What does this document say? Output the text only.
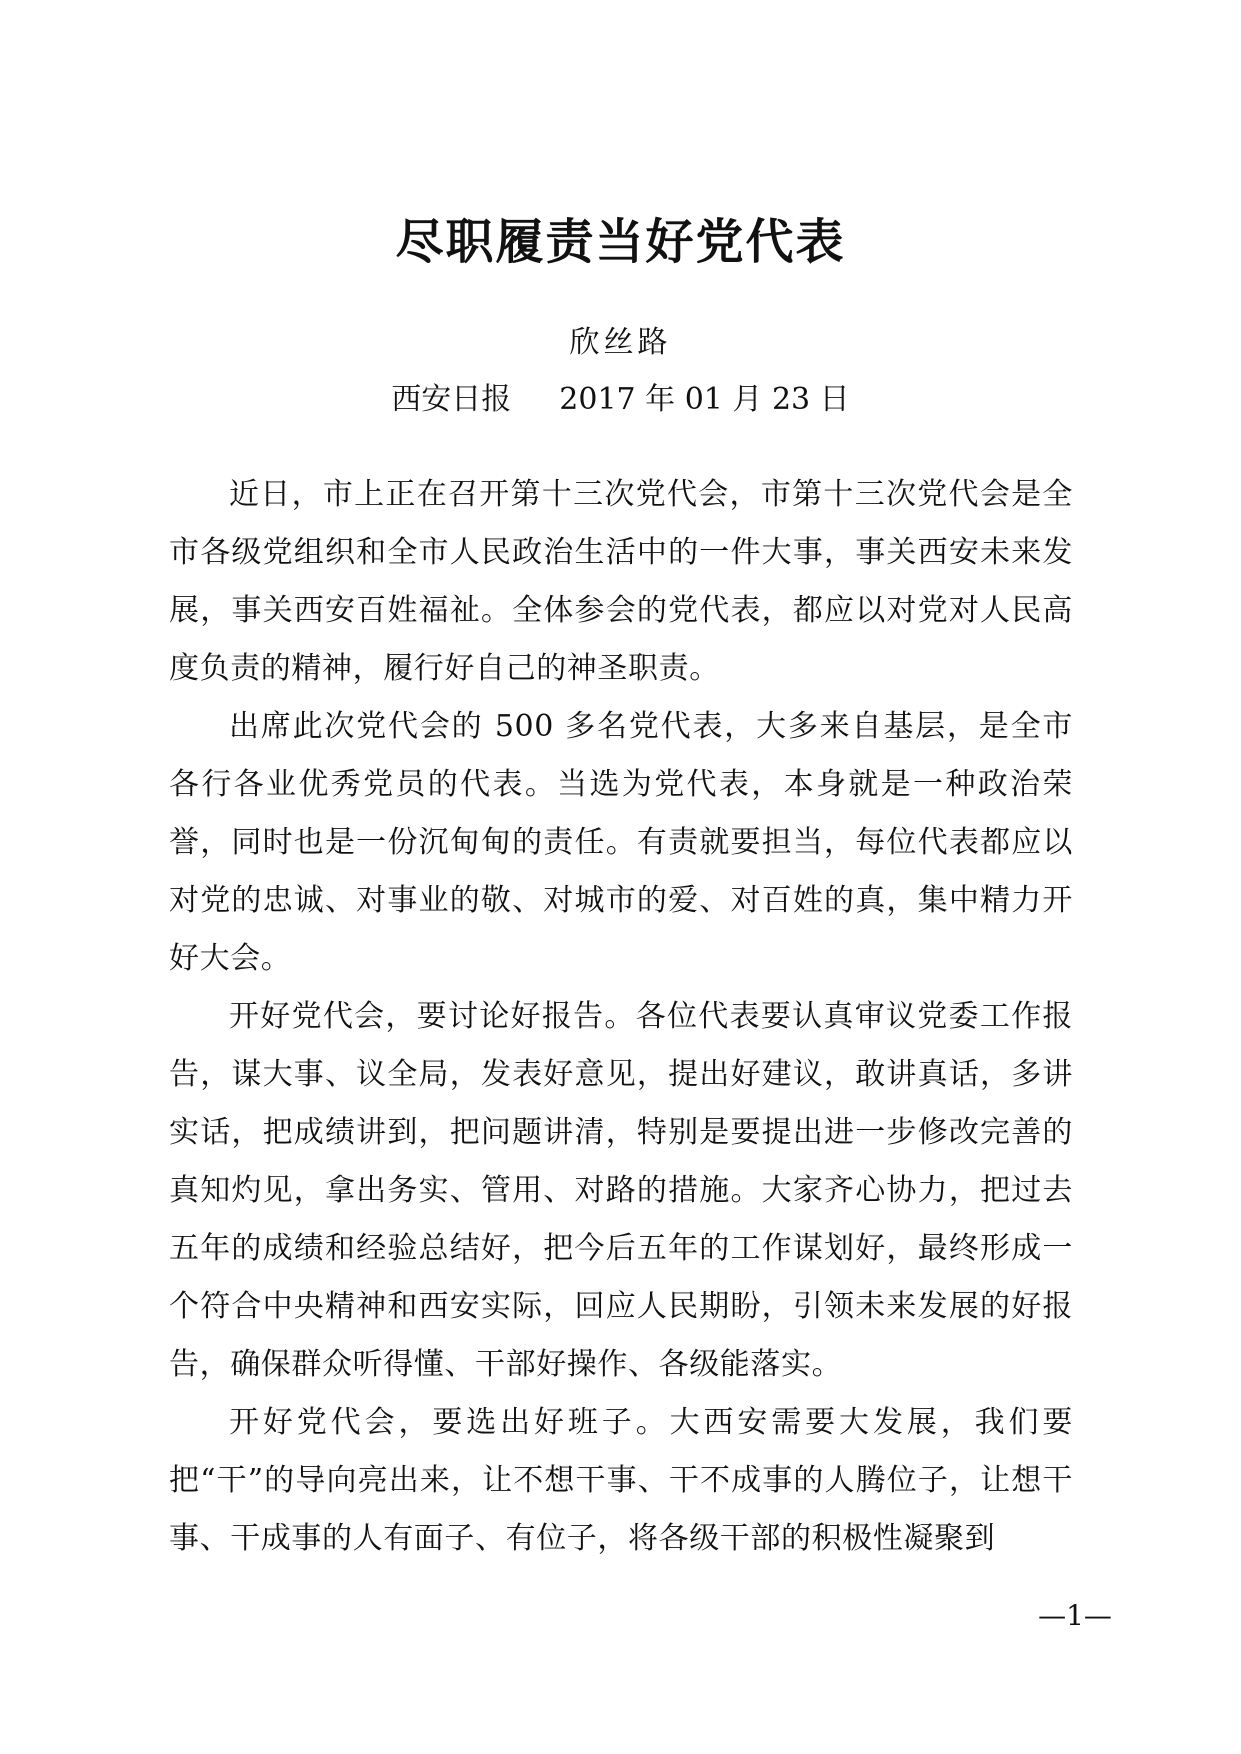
尽职履责当好党代表
欣丝路
西安日报 2017 年 01 月 23 日

近日，市上正在召开第十三次党代会，市第十三次党代会是全市各级党组织和全市人民政治生活中的一件大事，事关西安未来发展，事关西安百姓福祉。全体参会的党代表，都应以对党对人民高度负责的精神，履行好自己的神圣职责。

出席此次党代会的 500 多名党代表，大多来自基层，是全市各行各业优秀党员的代表。当选为党代表，本身就是一种政治荣誉，同时也是一份沉甸甸的责任。有责就要担当，每位代表都应以对党的忠诚、对事业的敬、对城市的爱、对百姓的真，集中精力开好大会。

开好党代会，要讨论好报告。各位代表要认真审议党委工作报告，谋大事、议全局，发表好意见，提出好建议，敢讲真话，多讲实话，把成绩讲到，把问题讲清，特别是要提出进一步修改完善的真知灼见，拿出务实、管用、对路的措施。大家齐心协力，把过去五年的成绩和经验总结好，把今后五年的工作谋划好，最终形成一个符合中央精神和西安实际，回应人民期盼，引领未来发展的好报告，确保群众听得懂、干部好操作、各级能落实。

开好党代会，要选出好班子。大西安需要大发展，我们要把“干”的导向亮出来，让不想干事、干不成事的人腾位子，让想干事、干成事的人有面子、有位子，将各级干部的积极性凝聚到

—1—
